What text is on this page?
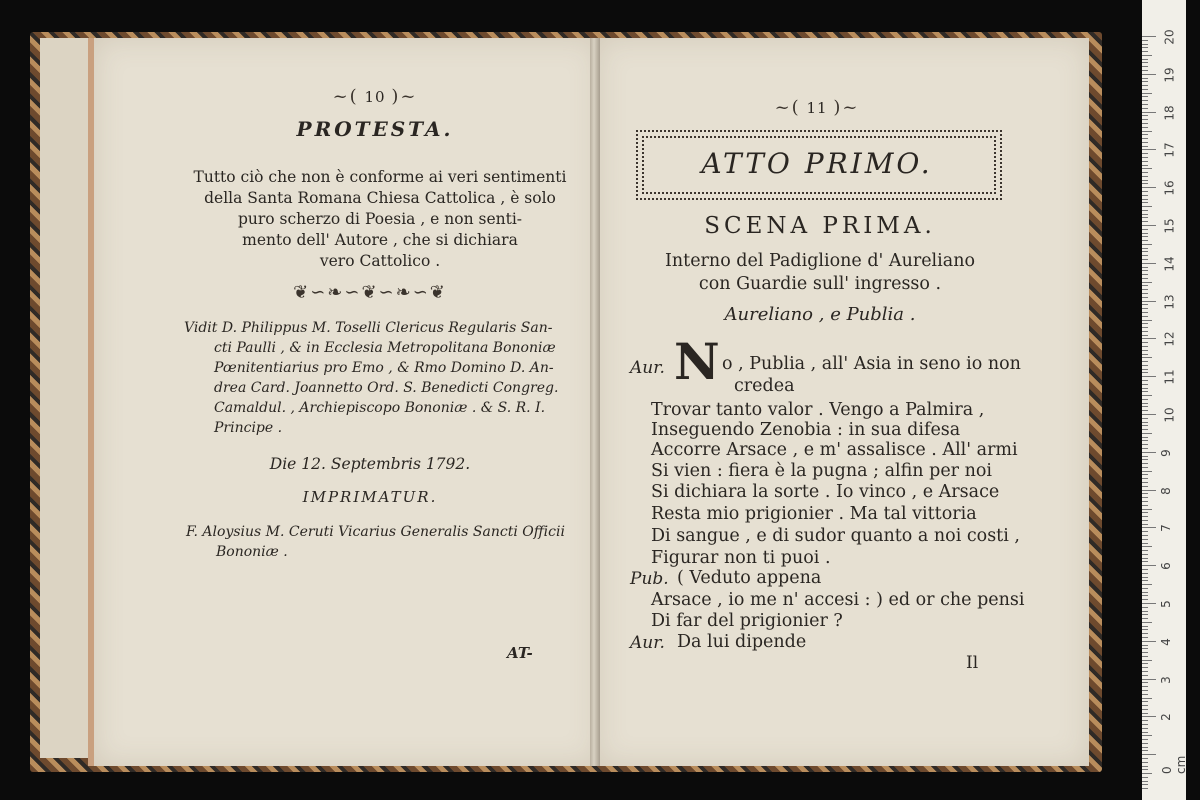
~( 10 )~
PROTESTA.
Tutto ciò che non è conforme ai veri sentimenti
della Santa Romana Chiesa Cattolica , è solo
puro scherzo di Poesia , e non senti-
mento dell' Autore , che si dichiara
vero Cattolico .
❦∽❧∽❦∽❧∽❦
Vidit D. Philippus M. Toselli Clericus Regularis San-
cti Paulli , & in Ecclesia Metropolitana Bononiæ
Pœnitentiarius pro Emo , & Rmo Domino D. An-
drea Card. Joannetto Ord. S. Benedicti Congreg.
Camaldul. , Archiepiscopo Bononiæ . & S. R. I.
Principe .
Die 12. Septembris 1792.
IMPRIMATUR.
F. Aloysius M. Ceruti Vicarius Generalis Sancti Officii
Bononiæ .
AT-
~( 11 )~
ATTO PRIMO.
SCENA PRIMA.
Interno del Padiglione d' Aureliano
con Guardie sull' ingresso .
Aureliano , e Publia .
N
Aur.	o , Publia , all' Asia in seno io non
credea
Trovar tanto valor . Vengo a Palmira ,
Inseguendo Zenobia : in sua difesa
Accorre Arsace , e m' assalisce . All' armi
Si vien : fiera è la pugna ; alfin per noi
Si dichiara la sorte . Io vinco , e Arsace
Resta mio prigionier . Ma tal vittoria
Di sangue , e di sudor quanto a noi costi ,
Figurar non ti puoi .
Pub. ( Veduto appena
Arsace , io me n' accesi : ) ed or che pensi
Di far del prigionier ?
Aur. Da lui dipende
Il
20
19
18
17
16
15
14
13
12
11
10
9
8
7
6
5
4
3
2
0 cm
